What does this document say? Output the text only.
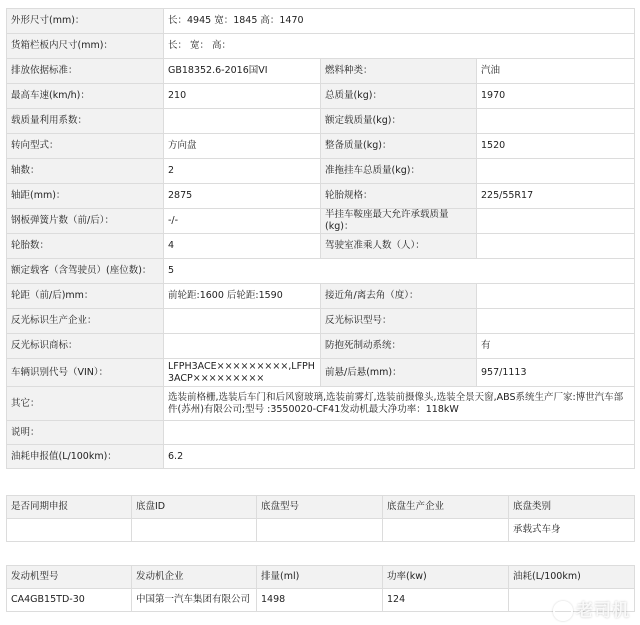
外形尺寸(mm)：	长：4945 宽：1845 高：1470		
货箱栏板内尺寸(mm)：	长： 宽： 高：		
排放依据标准：	GB18352.6-2016国VI	燃料种类：	汽油
最高车速(km/h)：	210	总质量(kg)：	1970
载质量利用系数：		额定载质量(kg)：	
转向型式：	方向盘	整备质量(kg)：	1520
轴数：	2	准拖挂车总质量(kg)：	
轴距(mm)：	2875	轮胎规格：	225/55R17
钢板弹簧片数（前/后）：	-/-	半挂车鞍座最大允许承载质量(kg)：	
轮胎数：	4	驾驶室准乘人数（人）：	
额定载客（含驾驶员）(座位数)：	5		
轮距（前/后)mm：	前轮距:1600 后轮距:1590	接近角/离去角（度）：	
反光标识生产企业：		反光标识型号：	
反光标识商标：		防抱死制动系统：	有
车辆识别代号（VIN）：	LFPH3ACE×××××××××,LFPH3ACP×××××××××	前悬/后悬(mm)：	957/1113
其它：	选装前格栅,选装后车门和后风窗玻璃,选装前雾灯,选装前摄像头,选装全景天窗,ABS系统生产厂家:博世汽车部件(苏州)有限公司;型号 :3550020-CF41发动机最大净功率：118kW		
说明：			
油耗申报值(L/100km)：	6.2		
是否同期申报	底盘ID	底盘型号	底盘生产企业	底盘类别
				承载式车身
发动机型号	发动机企业	排量(ml)	功率(kw)	油耗(L/100km)
CA4GB15TD-30	中国第一汽车集团有限公司	1498	124	
老司机
